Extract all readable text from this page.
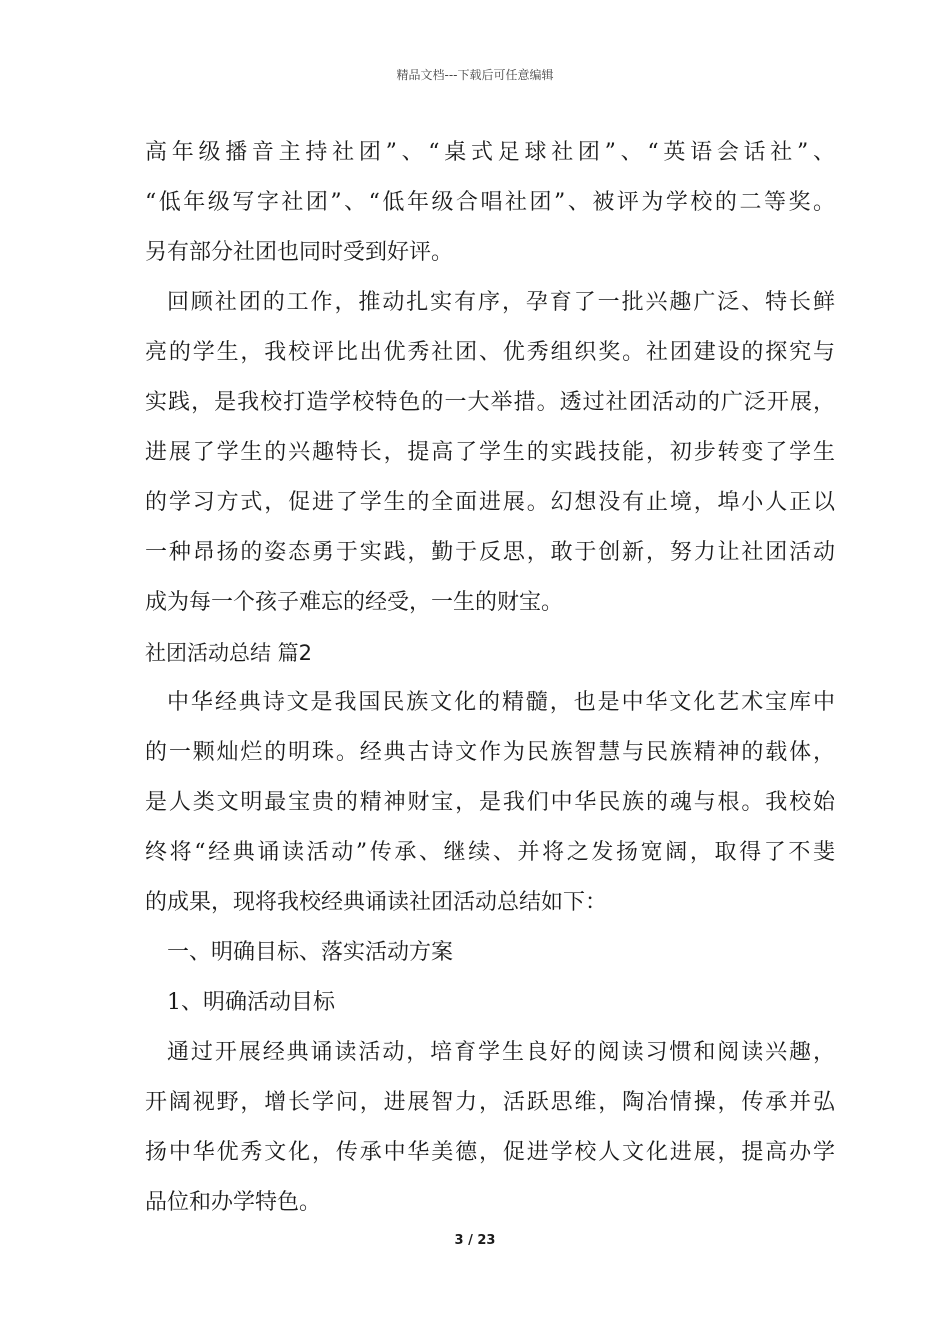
精品文档---下载后可任意编辑
高年级播音主持社团”、“桌式足球社团”、“英语会话社”、
“低年级写字社团”、“低年级合唱社团”、被评为学校的二等奖。
另有部分社团也同时受到好评。
回顾社团的工作，推动扎实有序，孕育了一批兴趣广泛、特长鲜
亮的学生，我校评比出优秀社团、优秀组织奖。社团建设的探究与
实践，是我校打造学校特色的一大举措。透过社团活动的广泛开展，
进展了学生的兴趣特长，提高了学生的实践技能，初步转变了学生
的学习方式，促进了学生的全面进展。幻想没有止境，埠小人正以
一种昂扬的姿态勇于实践，勤于反思，敢于创新，努力让社团活动
成为每一个孩子难忘的经受，一生的财宝。
社团活动总结 篇2
中华经典诗文是我国民族文化的精髓，也是中华文化艺术宝库中
的一颗灿烂的明珠。经典古诗文作为民族智慧与民族精神的载体，
是人类文明最宝贵的精神财宝，是我们中华民族的魂与根。我校始
终将“经典诵读活动”传承、继续、并将之发扬宽阔，取得了不斐
的成果，现将我校经典诵读社团活动总结如下：
一、明确目标、落实活动方案
1、明确活动目标
通过开展经典诵读活动，培育学生良好的阅读习惯和阅读兴趣，
开阔视野，增长学问，进展智力，活跃思维，陶冶情操，传承并弘
扬中华优秀文化，传承中华美德，促进学校人文化进展，提高办学
品位和办学特色。
3 / 23
